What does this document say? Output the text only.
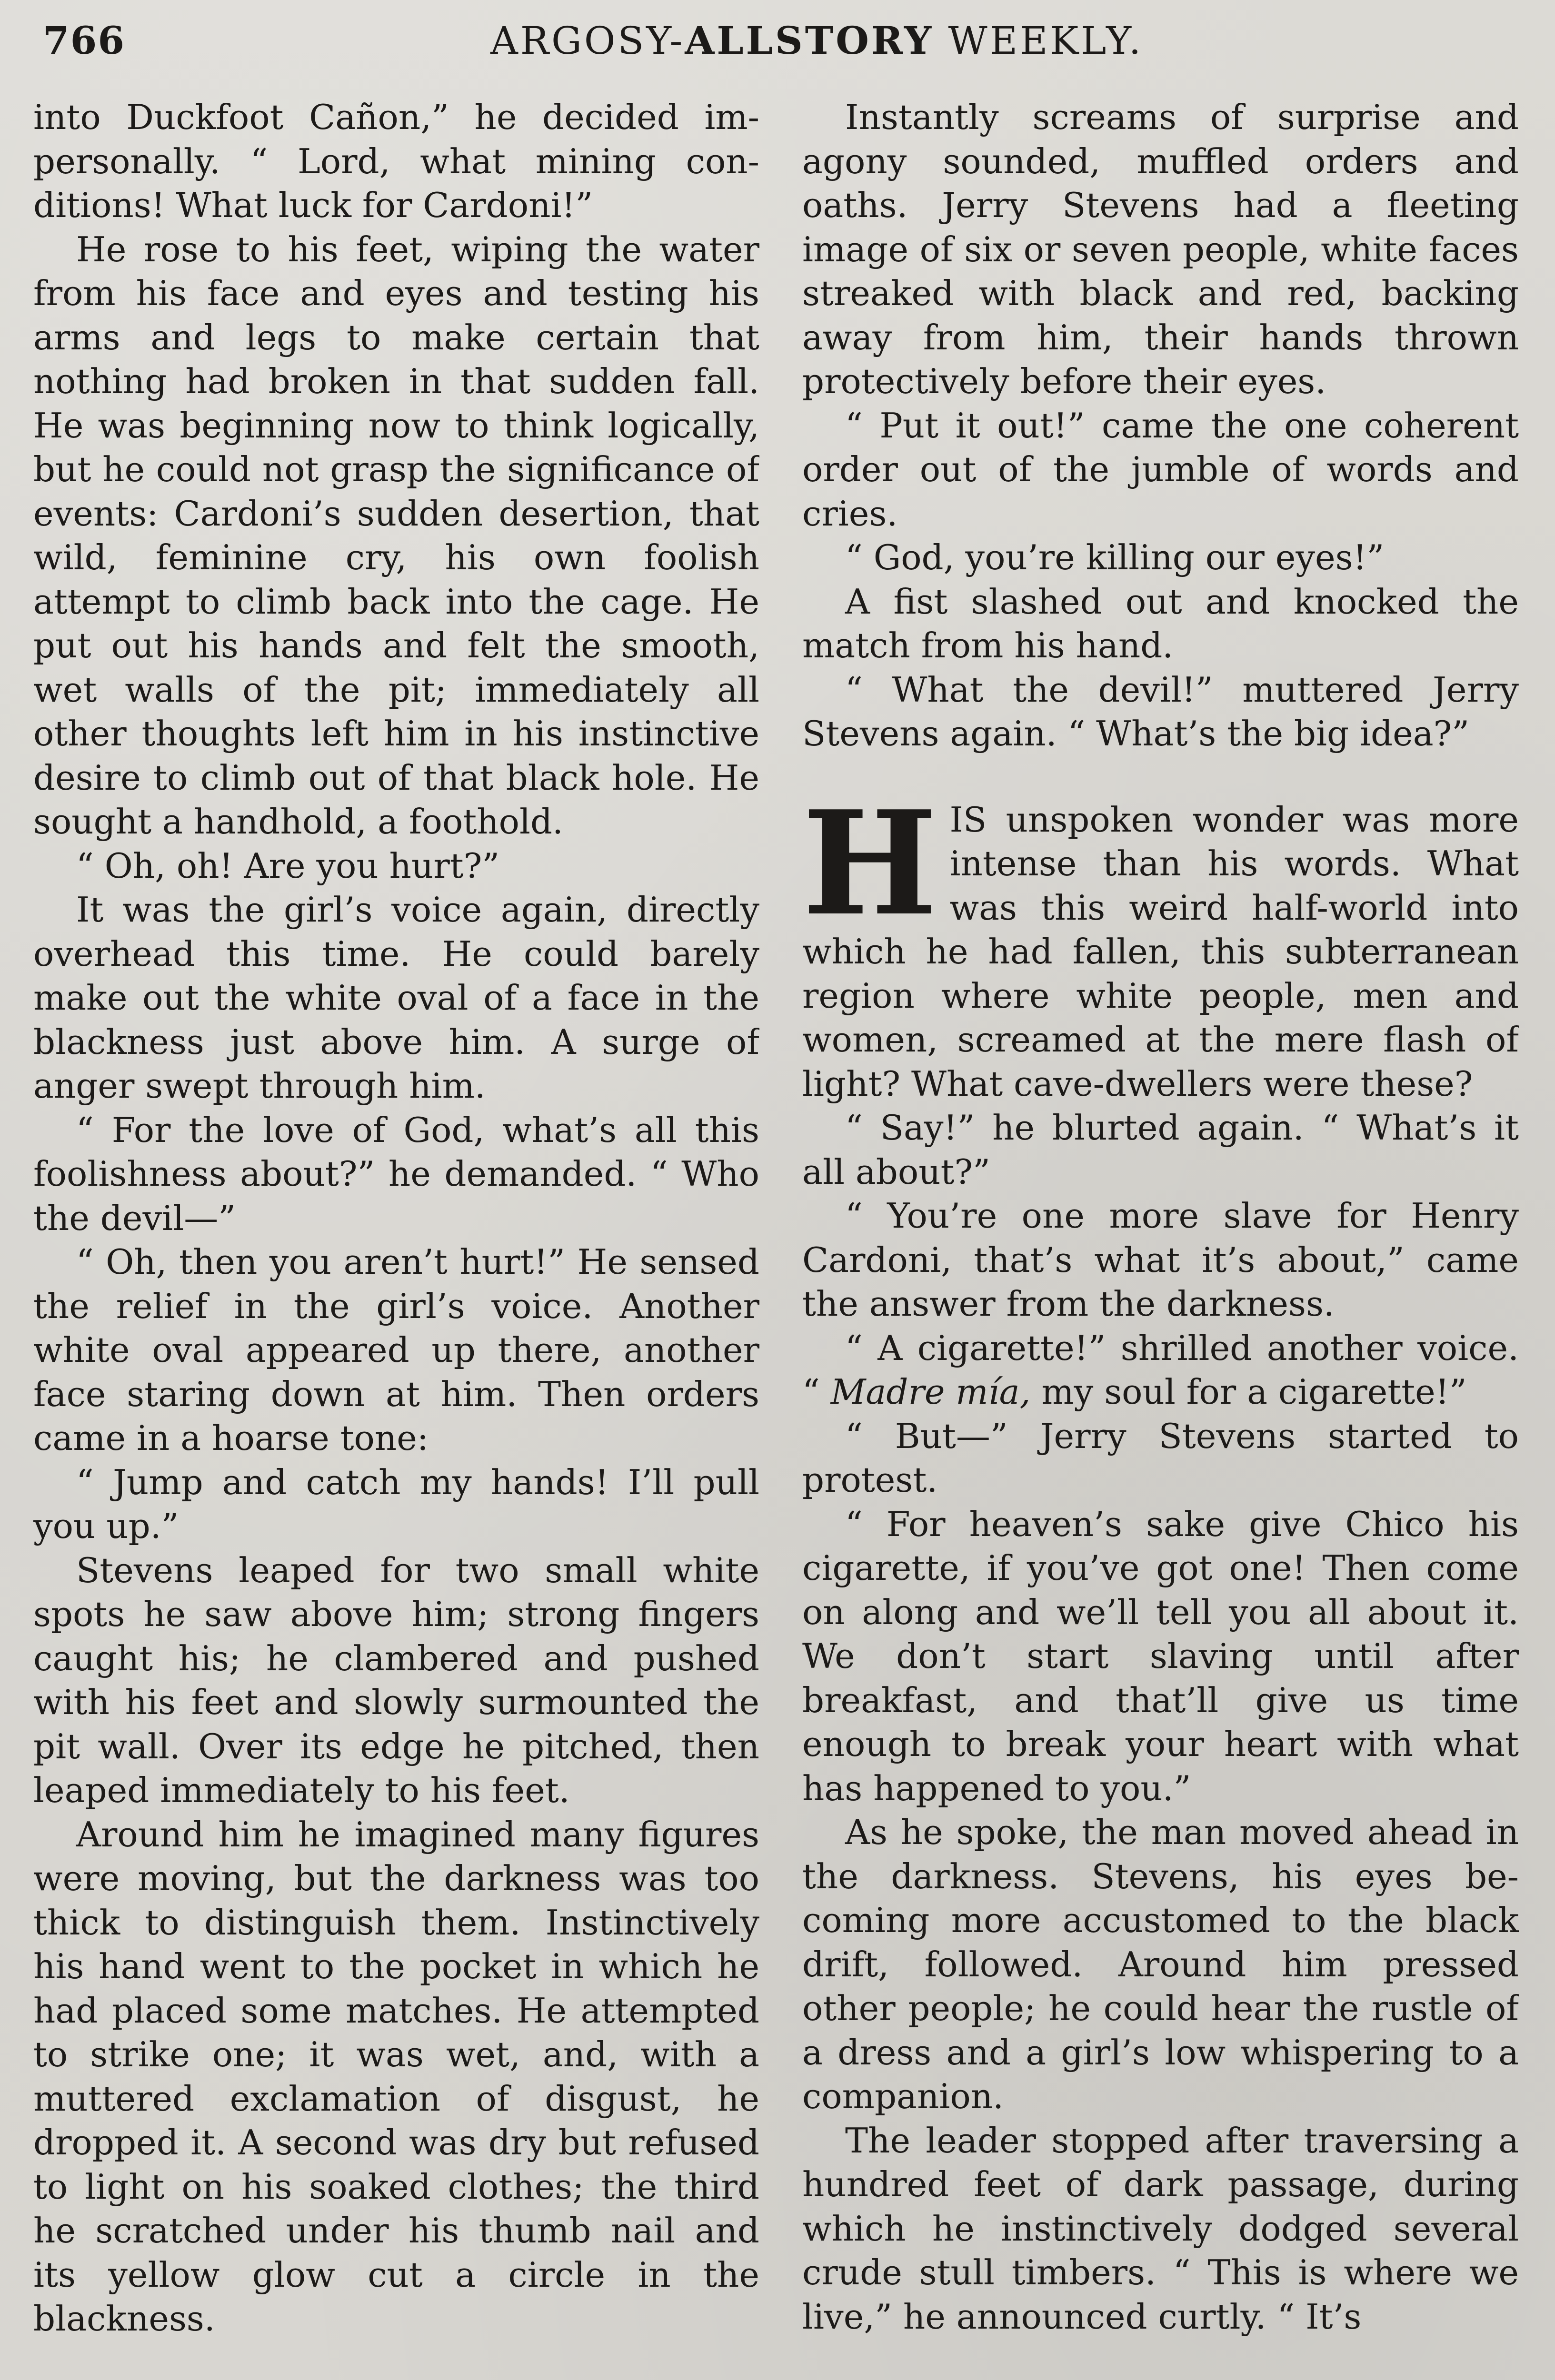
766	ARGOSY-ALLSTORY WEEKLY.

into Duckfoot Cañon,” he decided impersonally. “ Lord, what mining conditions! What luck for Cardoni!”

He rose to his feet, wiping the water from his face and eyes and testing his arms and legs to make certain that nothing had broken in that sudden fall. He was beginning now to think logically, but he could not grasp the significance of events: Cardoni’s sudden desertion, that wild, feminine cry, his own foolish attempt to climb back into the cage. He put out his hands and felt the smooth, wet walls of the pit; immediately all other thoughts left him in his instinctive desire to climb out of that black hole. He sought a handhold, a foothold.

“ Oh, oh! Are you hurt?”

It was the girl’s voice again, directly overhead this time. He could barely make out the white oval of a face in the blackness just above him. A surge of anger swept through him.

“ For the love of God, what’s all this foolishness about?” he demanded. “ Who the devil—”

“ Oh, then you aren’t hurt!” He sensed the relief in the girl’s voice. Another white oval appeared up there, another face staring down at him. Then orders came in a hoarse tone:

“ Jump and catch my hands! I’ll pull you up.”

Stevens leaped for two small white spots he saw above him; strong fingers caught his; he clambered and pushed with his feet and slowly surmounted the pit wall. Over its edge he pitched, then leaped immediately to his feet.

Around him he imagined many figures were moving, but the darkness was too thick to distinguish them. Instinctively his hand went to the pocket in which he had placed some matches. He attempted to strike one; it was wet, and, with a muttered exclamation of disgust, he dropped it. A second was dry but refused to light on his soaked clothes; the third he scratched under his thumb nail and its yellow glow cut a circle in the blackness.

Instantly screams of surprise and agony sounded, muffled orders and oaths. Jerry Stevens had a fleeting image of six or seven people, white faces streaked with black and red, backing away from him, their hands thrown protectively before their eyes.

“ Put it out!” came the one coherent order out of the jumble of words and cries.

“ God, you’re killing our eyes!”

A fist slashed out and knocked the match from his hand.

“ What the devil!” muttered Jerry Stevens again. “ What’s the big idea?”

HIS unspoken wonder was more intense than his words. What was this weird half-world into which he had fallen, this subterranean region where white people, men and women, screamed at the mere flash of light? What cave-dwellers were these?

“ Say!” he blurted again. “ What’s it all about?”

“ You’re one more slave for Henry Cardoni, that’s what it’s about,” came the answer from the darkness.

“ A cigarette!” shrilled another voice. “ Madre mía, my soul for a cigarette!”

“ But—” Jerry Stevens started to protest.

“ For heaven’s sake give Chico his cigarette, if you’ve got one! Then come on along and we’ll tell you all about it. We don’t start slaving until after breakfast, and that’ll give us time enough to break your heart with what has happened to you.”

As he spoke, the man moved ahead in the darkness. Stevens, his eyes becoming more accustomed to the black drift, followed. Around him pressed other people; he could hear the rustle of a dress and a girl’s low whispering to a companion.

The leader stopped after traversing a hundred feet of dark passage, during which he instinctively dodged several crude stull timbers. “ This is where we live,” he announced curtly. “ It’s
